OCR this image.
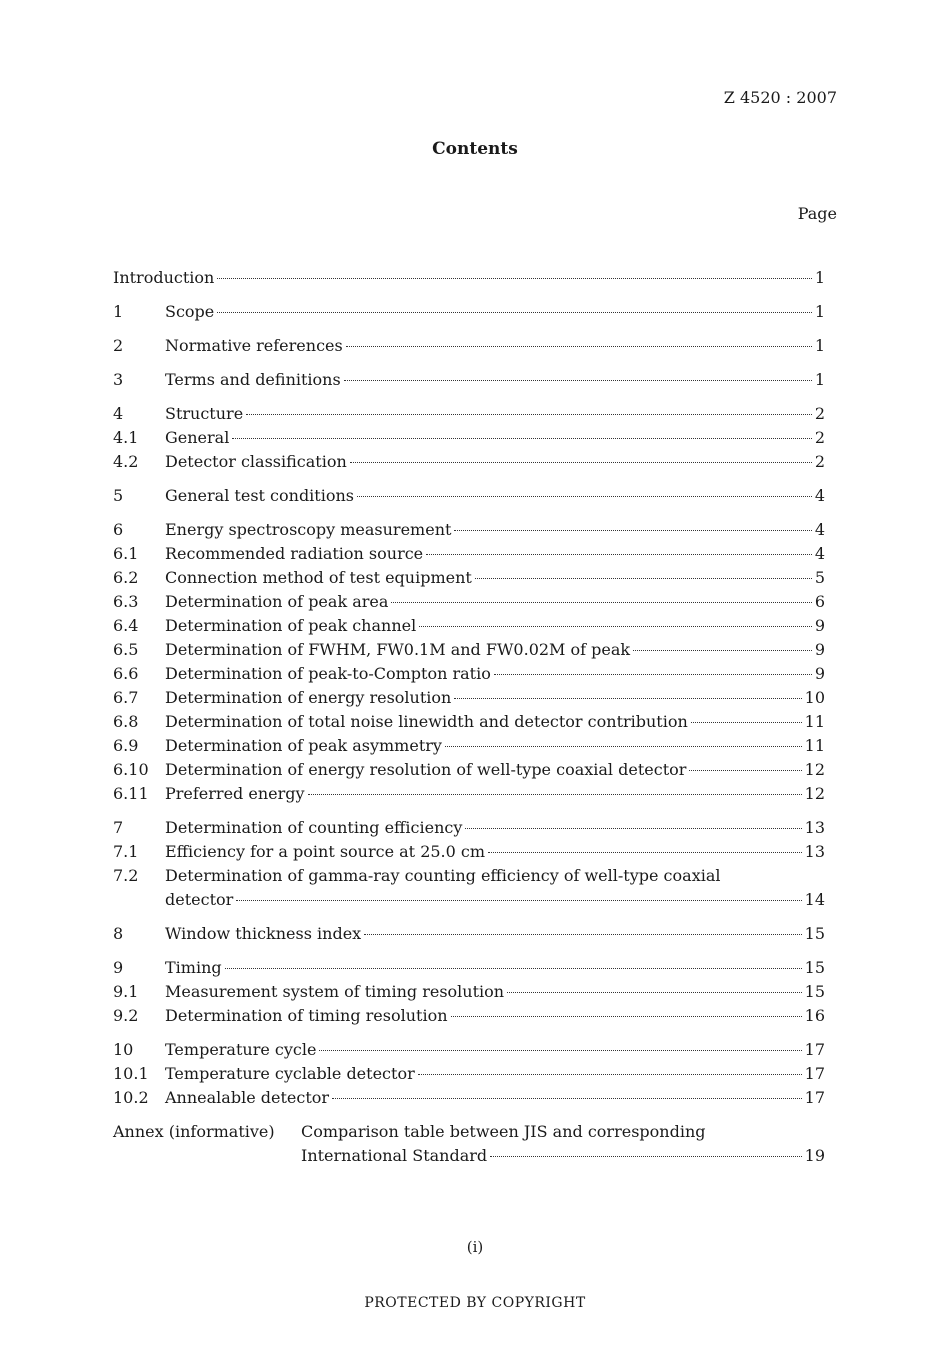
Z 4520 : 2007
Contents
Page
Introduction	1
1	Scope	1
2	Normative references	1
3	Terms and definitions	1
4	Structure	2
4.1	General	2
4.2	Detector classification	2
5	General test conditions	4
6	Energy spectroscopy measurement	4
6.1	Recommended radiation source	4
6.2	Connection method of test equipment	5
6.3	Determination of peak area	6
6.4	Determination of peak channel	9
6.5	Determination of FWHM, FW0.1M and FW0.02M of peak	9
6.6	Determination of peak-to-Compton ratio	9
6.7	Determination of energy resolution	10
6.8	Determination of total noise linewidth and detector contribution	11
6.9	Determination of peak asymmetry	11
6.10	Determination of energy resolution of well-type coaxial detector	12
6.11	Preferred energy	12
7	Determination of counting efficiency	13
7.1	Efficiency for a point source at 25.0 cm	13
7.2	Determination of gamma-ray counting efficiency of well-type coaxial
detector	14
8	Window thickness index	15
9	Timing	15
9.1	Measurement system of timing resolution	15
9.2	Determination of timing resolution	16
10	Temperature cycle	17
10.1	Temperature cyclable detector	17
10.2	Annealable detector	17
Annex (informative)	Comparison table between JIS and corresponding
International Standard	19
(i)
PROTECTED BY COPYRIGHT
